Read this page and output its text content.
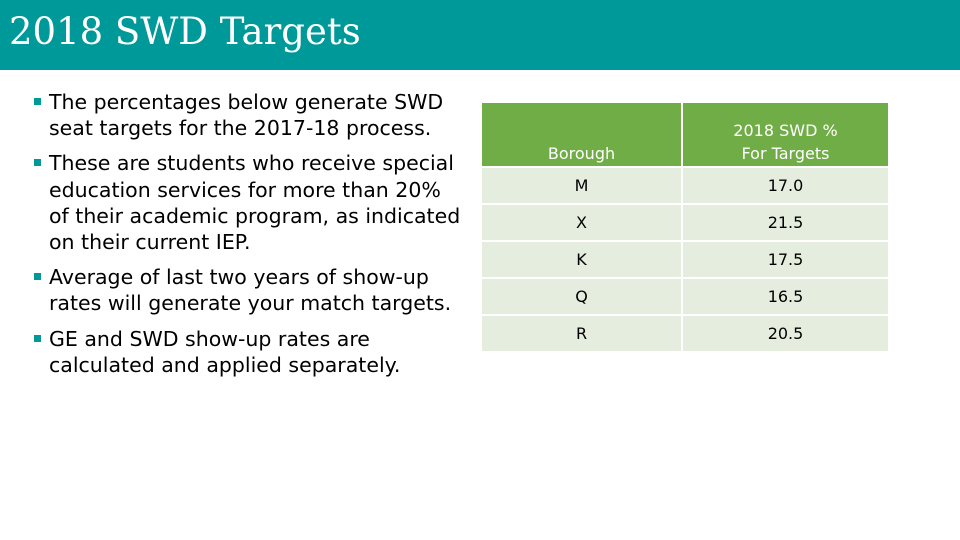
2018 SWD Targets
The percentages below generate SWD seat targets for the 2017-18 process.
These are students who receive special education services for more than 20% of their academic program, as indicated on their current IEP.
Average of last two years of show-up rates will generate your match targets.
GE and SWD show-up rates are calculated and applied separately.
Borough	2018 SWD %
For Targets

M	17.0
X	21.5
K	17.5
Q	16.5
R	20.5
